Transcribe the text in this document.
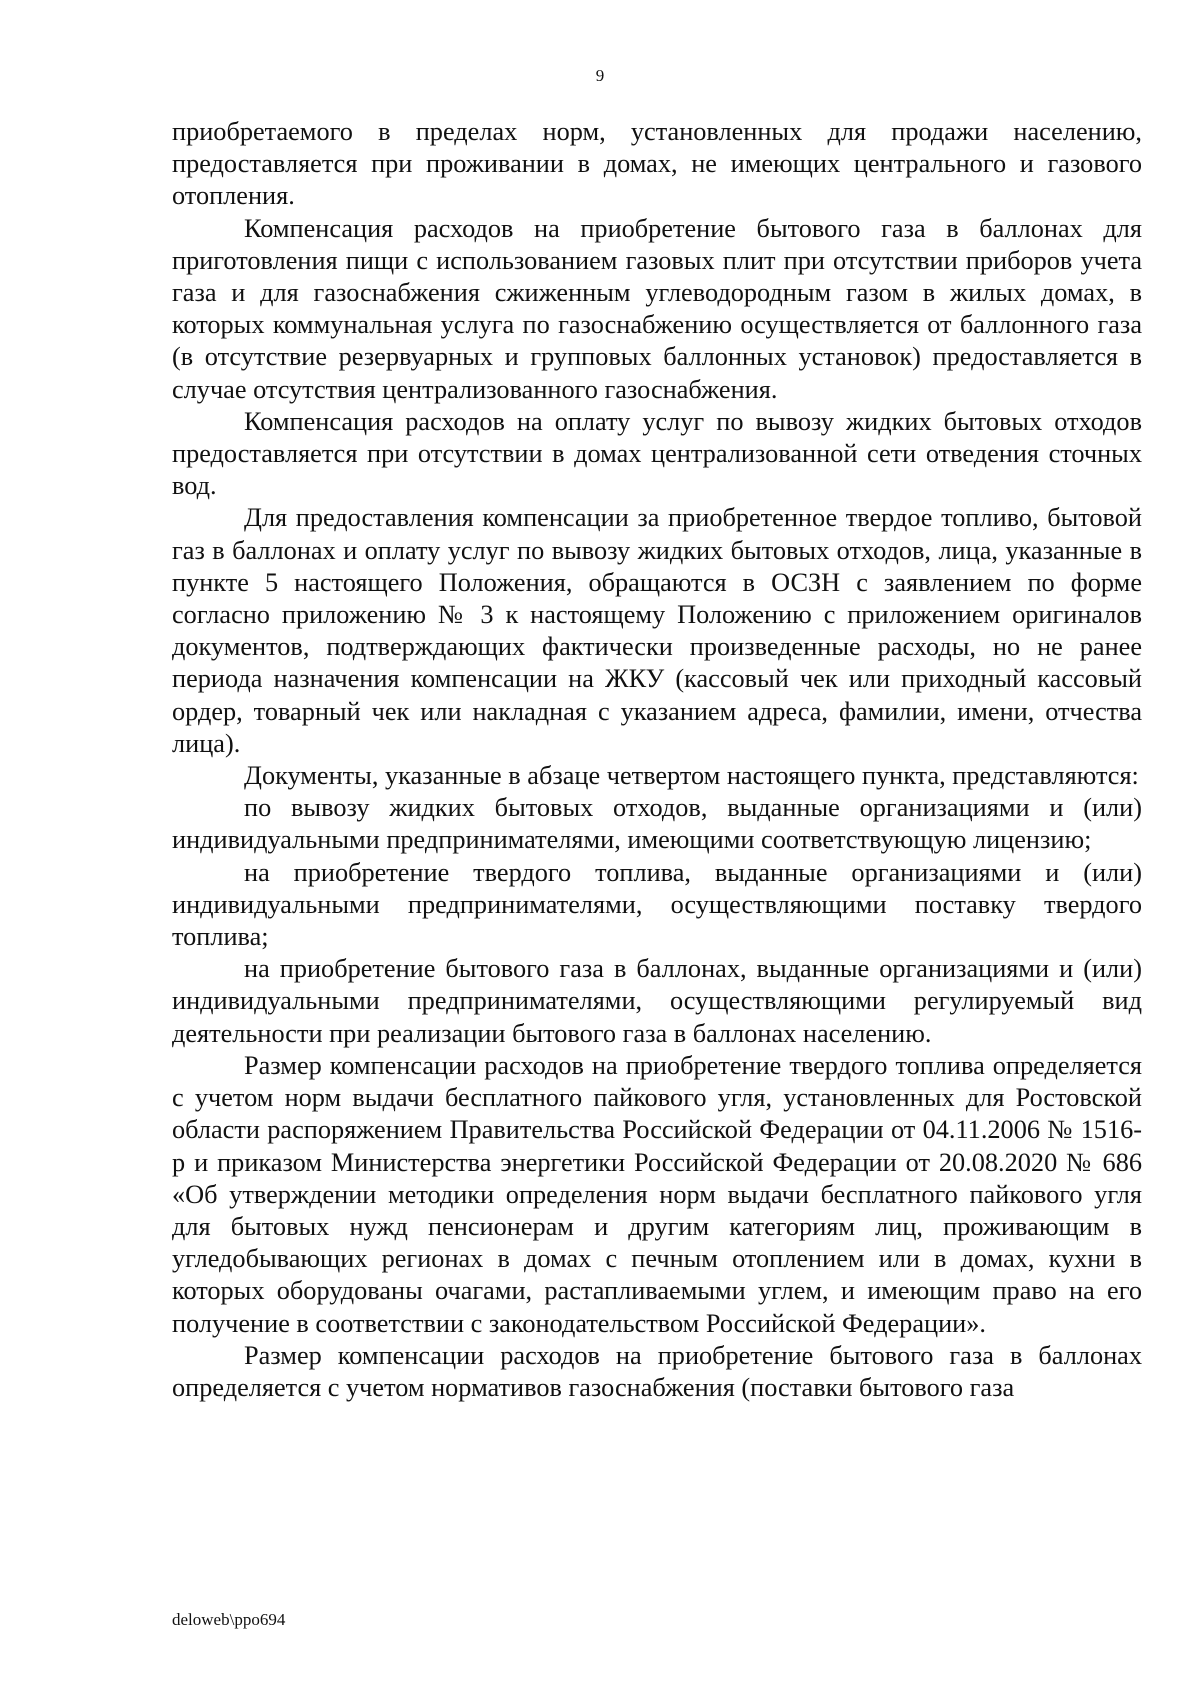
9

приобретаемого в пределах норм, установленных для продажи населению, предоставляется при проживании в домах, не имеющих центрального и газового отопления.

Компенсация расходов на приобретение бытового газа в баллонах для приготовления пищи с использованием газовых плит при отсутствии приборов учета газа и для газоснабжения сжиженным углеводородным газом в жилых домах, в которых коммунальная услуга по газоснабжению осуществляется от баллонного газа (в отсутствие резервуарных и групповых баллонных установок) предоставляется в случае отсутствия централизованного газоснабжения.

Компенсация расходов на оплату услуг по вывозу жидких бытовых отходов предоставляется при отсутствии в домах централизованной сети отведения сточных вод.

Для предоставления компенсации за приобретенное твердое топливо, бытовой газ в баллонах и оплату услуг по вывозу жидких бытовых отходов, лица, указанные в пункте 5 настоящего Положения, обращаются в ОСЗН с заявлением по форме согласно приложению № 3 к настоящему Положению с приложением оригиналов документов, подтверждающих фактически произведенные расходы, но не ранее периода назначения компенсации на ЖКУ (кассовый чек или приходный кассовый ордер, товарный чек или накладная с указанием адреса, фамилии, имени, отчества лица).

Документы, указанные в абзаце четвертом настоящего пункта, представляются:

по вывозу жидких бытовых отходов, выданные организациями и (или) индивидуальными предпринимателями, имеющими соответствующую лицензию;

на приобретение твердого топлива, выданные организациями и (или) индивидуальными предпринимателями, осуществляющими поставку твердого топлива;

на приобретение бытового газа в баллонах, выданные организациями и (или) индивидуальными предпринимателями, осуществляющими регулируемый вид деятельности при реализации бытового газа в баллонах населению.

Размер компенсации расходов на приобретение твердого топлива определяется с учетом норм выдачи бесплатного пайкового угля, установленных для Ростовской области распоряжением Правительства Российской Федерации от 04.11.2006 № 1516-р и приказом Министерства энергетики Российской Федерации от 20.08.2020 № 686 «Об утверждении методики определения норм выдачи бесплатного пайкового угля для бытовых нужд пенсионерам и другим категориям лиц, проживающим в угледобывающих регионах в домах с печным отоплением или в домах, кухни в которых оборудованы очагами, растапливаемыми углем, и имеющим право на его получение в соответствии с законодательством Российской Федерации».

Размер компенсации расходов на приобретение бытового газа в баллонах определяется с учетом нормативов газоснабжения (поставки бытового газа

deloweb\ppo694
